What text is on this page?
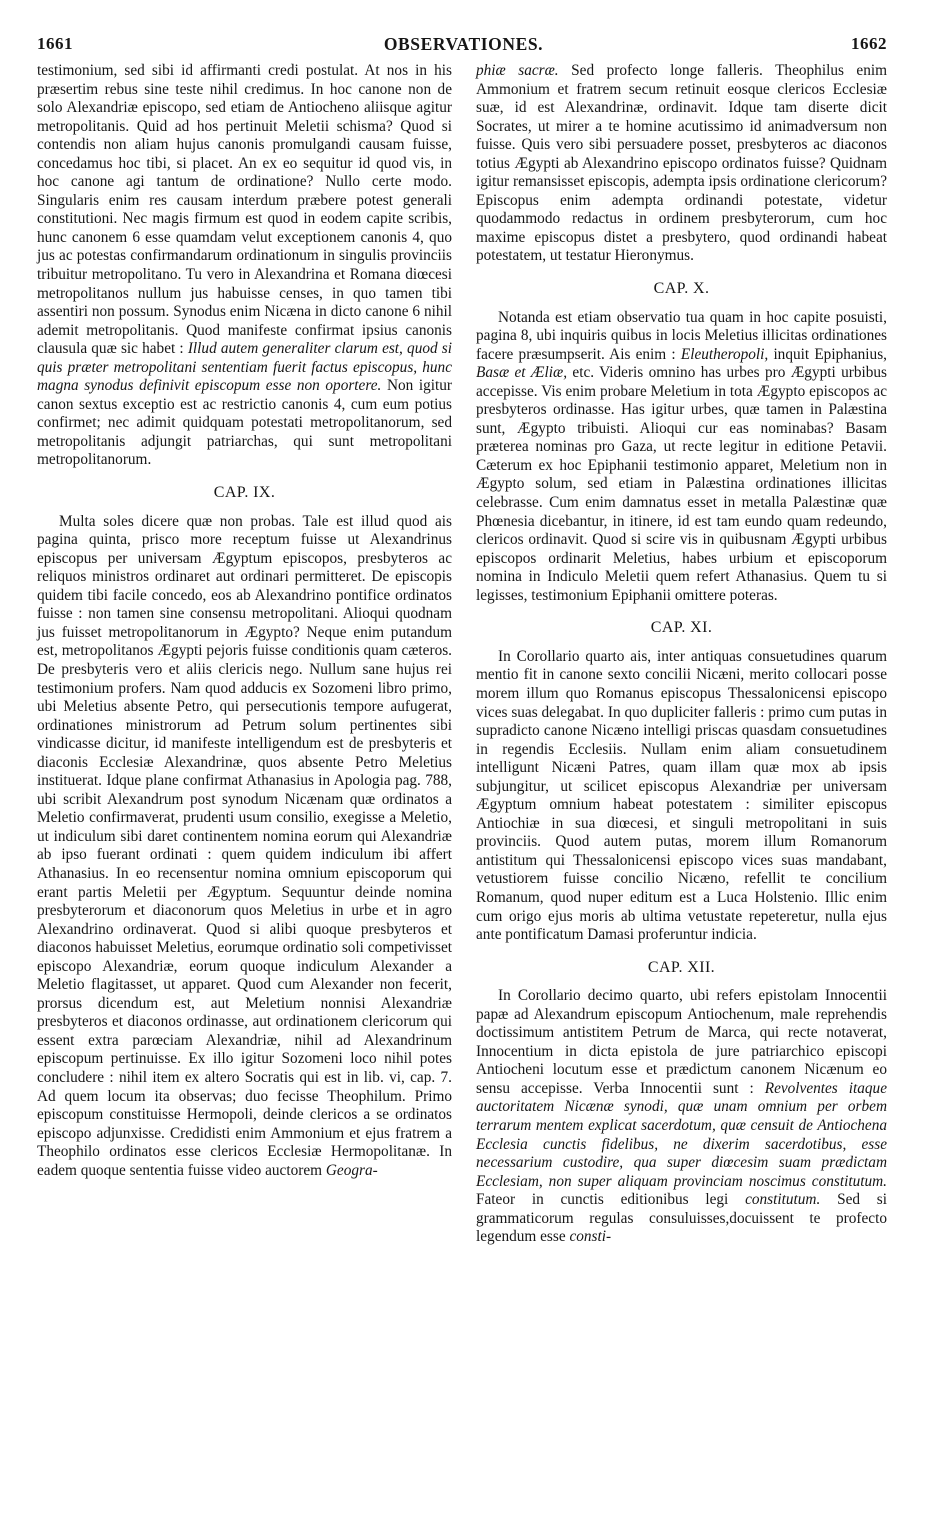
1661	OBSERVATIONES.	1662

testimonium, sed sibi id affirmanti credi postulat. At nos in his præsertim rebus sine teste nihil credimus. In hoc canone non de solo Alexandriæ episcopo, sed etiam de Antiocheno aliisque agitur metropolitanis. Quid ad hos pertinuit Meletii schisma? Quod si contendis non aliam hujus canonis promulgandi causam fuisse, concedamus hoc tibi, si placet. An ex eo sequitur id quod vis, in hoc canone agi tantum de ordinatione? Nullo certe modo. Singularis enim res causam interdum præbere potest generali constitutioni. Nec magis firmum est quod in eodem capite scribis, hunc canonem 6 esse quamdam velut exceptionem canonis 4, quo jus ac potestas confirmandarum ordinationum in singulis provinciis tribuitur metropolitano. Tu vero in Alexandrina et Romana diœcesi metropolitanos nullum jus habuisse censes, in quo tamen tibi assentiri non possum. Synodus enim Nicæna in dicto canone 6 nihil ademit metropolitanis. Quod manifeste confirmat ipsius canonis clausula quæ sic habet : Illud autem generaliter clarum est, quod si quis præter metropolitani sententiam fuerit factus episcopus, hunc magna synodus definivit episcopum esse non oportere. Non igitur canon sextus exceptio est ac restrictio canonis 4, cum eum potius confirmet; nec adimit quidquam potestati metropolitanorum, sed metropolitanis adjungit patriarchas, qui sunt metropolitani metropolitanorum.

CAP. IX.

Multa soles dicere quæ non probas. Tale est illud quod ais pagina quinta, prisco more receptum fuisse ut Alexandrinus episcopus per universam Ægyptum episcopos, presbyteros ac reliquos ministros ordinaret aut ordinari permitteret. De episcopis quidem tibi facile concedo, eos ab Alexandrino pontifice ordinatos fuisse : non tamen sine consensu metropolitani. Alioqui quodnam jus fuisset metropolitanorum in Ægypto? Neque enim putandum est, metropolitanos Ægypti pejoris fuisse conditionis quam cæteros. De presbyteris vero et aliis clericis nego. Nullum sane hujus rei testimonium profers. Nam quod adducis ex Sozomeni libro primo, ubi Meletius absente Petro, qui persecutionis tempore aufugerat, ordinationes ministrorum ad Petrum solum pertinentes sibi vindicasse dicitur, id manifeste intelligendum est de presbyteris et diaconis Ecclesiæ Alexandrinæ, quos absente Petro Meletius instituerat. Idque plane confirmat Athanasius in Apologia pag. 788, ubi scribit Alexandrum post synodum Nicænam quæ ordinatos a Meletio confirmaverat, prudenti usum consilio, exegisse a Meletio, ut indiculum sibi daret continentem nomina eorum qui Alexandriæ ab ipso fuerant ordinati : quem quidem indiculum ibi affert Athanasius. In eo recensentur nomina omnium episcoporum qui erant partis Meletii per Ægyptum. Sequuntur deinde nomina presbyterorum et diaconorum quos Meletius in urbe et in agro Alexandrino ordinaverat. Quod si alibi quoque presbyteros et diaconos habuisset Meletius, eorumque ordinatio soli competivisset episcopo Alexandriæ, eorum quoque indiculum Alexander a Meletio flagitasset, ut apparet. Quod cum Alexander non fecerit, prorsus dicendum est, aut Meletium nonnisi Alexandriæ presbyteros et diaconos ordinasse, aut ordinationem clericorum qui essent extra parœciam Alexandriæ, nihil ad Alexandrinum episcopum pertinuisse. Ex illo igitur Sozomeni loco nihil potes concludere : nihil item ex altero Socratis qui est in lib. vi, cap. 7. Ad quem locum ita observas; duo fecisse Theophilum. Primo episcopum constituisse Hermopoli, deinde clericos a se ordinatos episcopo adjunxisse. Credidisti enim Ammonium et ejus fratrem a Theophilo ordinatos esse clericos Ecclesiæ Hermopolitanæ. In eadem quoque sententia fuisse video auctorem Geogra-

phiæ sacræ. Sed profecto longe falleris. Theophilus enim Ammonium et fratrem secum retinuit eosque clericos Ecclesiæ suæ, id est Alexandrinæ, ordinavit. Idque tam diserte dicit Socrates, ut mirer a te homine acutissimo id animadversum non fuisse. Quis vero sibi persuadere posset, presbyteros ac diaconos totius Ægypti ab Alexandrino episcopo ordinatos fuisse? Quidnam igitur remansisset episcopis, adempta ipsis ordinatione clericorum? Episcopus enim adempta ordinandi potestate, videtur quodammodo redactus in ordinem presbyterorum, cum hoc maxime episcopus distet a presbytero, quod ordinandi habeat potestatem, ut testatur Hieronymus.

CAP. X.

Notanda est etiam observatio tua quam in hoc capite posuisti, pagina 8, ubi inquiris quibus in locis Meletius illicitas ordinationes facere præsumpserit. Ais enim : Eleutheropoli, inquit Epiphanius, Basæ et Æliæ, etc. Videris omnino has urbes pro Ægypti urbibus accepisse. Vis enim probare Meletium in tota Ægypto episcopos ac presbyteros ordinasse. Has igitur urbes, quæ tamen in Palæstina sunt, Ægypto tribuisti. Alioqui cur eas nominabas? Basam præterea nominas pro Gaza, ut recte legitur in editione Petavii. Cæterum ex hoc Epiphanii testimonio apparet, Meletium non in Ægypto solum, sed etiam in Palæstina ordinationes illicitas celebrasse. Cum enim damnatus esset in metalla Palæstinæ quæ Phœnesia dicebantur, in itinere, id est tam eundo quam redeundo, clericos ordinavit. Quod si scire vis in quibusnam Ægypti urbibus episcopos ordinarit Meletius, habes urbium et episcoporum nomina in Indiculo Meletii quem refert Athanasius. Quem tu si legisses, testimonium Epiphanii omittere poteras.

CAP. XI.

In Corollario quarto ais, inter antiquas consuetudines quarum mentio fit in canone sexto concilii Nicæni, merito collocari posse morem illum quo Romanus episcopus Thessalonicensi episcopo vices suas delegabat. In quo dupliciter falleris : primo cum putas in supradicto canone Nicæno intelligi priscas quasdam consuetudines in regendis Ecclesiis. Nullam enim aliam consuetudinem intelligunt Nicæni Patres, quam illam quæ mox ab ipsis subjungitur, ut scilicet episcopus Alexandriæ per universam Ægyptum omnium habeat potestatem : similiter episcopus Antiochiæ in sua diœcesi, et singuli metropolitani in suis provinciis. Quod autem putas, morem illum Romanorum antistitum qui Thessalonicensi episcopo vices suas mandabant, vetustiorem fuisse concilio Nicæno, refellit te concilium Romanum, quod nuper editum est a Luca Holstenio. Illic enim cum origo ejus moris ab ultima vetustate repeteretur, nulla ejus ante pontificatum Damasi proferuntur indicia.

CAP. XII.

In Corollario decimo quarto, ubi refers epistolam Innocentii papæ ad Alexandrum episcopum Antiochenum, male reprehendis doctissimum antistitem Petrum de Marca, qui recte notaverat, Innocentium in dicta epistola de jure patriarchico episcopi Antiocheni locutum esse et prædictum canonem Nicænum eo sensu accepisse. Verba Innocentii sunt : Revolventes itaque auctoritatem Nicænæ synodi, quæ unam omnium per orbem terrarum mentem explicat sacerdotum, quæ censuit de Antiochena Ecclesia cunctis fidelibus, ne dixerim sacerdotibus, esse necessarium custodire, qua super diœcesim suam prædictam Ecclesiam, non super aliquam provinciam noscimus constitutum. Fateor in cunctis editionibus legi constitutum. Sed si grammaticorum regulas consuluisses,docuissent te profecto legendum esse consti-
